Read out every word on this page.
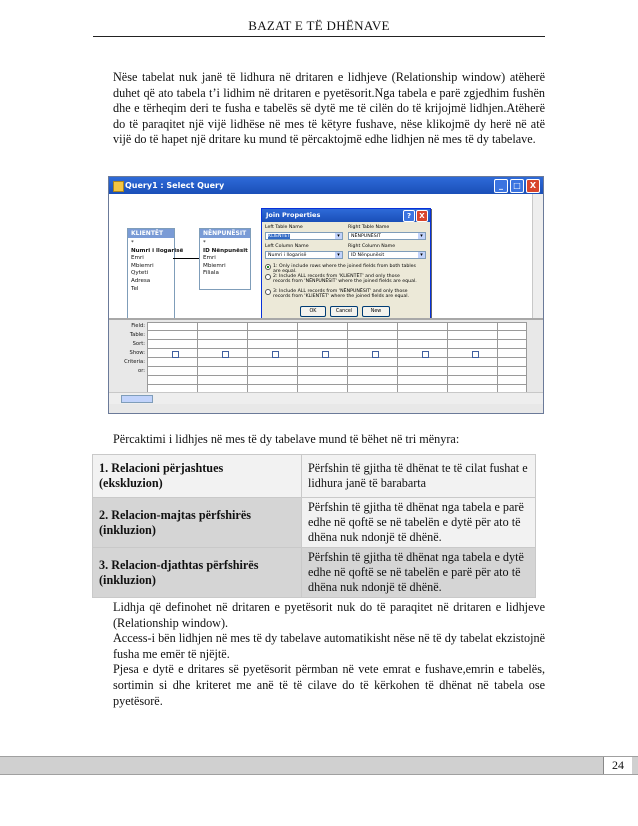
BAZAT E TË DHËNAVE

Nëse tabelat nuk janë të lidhura në dritaren e lidhjeve (Relationship window) atëherë duhet që ato tabela t’i lidhim në dritaren e pyetësorit.Nga tabela e parë zgjedhim fushën dhe e tërheqim deri te fusha e tabelës së dytë me të cilën do të krijojmë lidhjen.Atëherë do të paraqitet një vijë lidhëse në mes të këtyre fushave, nëse klikojmë dy herë në atë vijë do të hapet një dritare ku mund të përcaktojmë edhe lidhjen në mes të dy tabelave.

Query1 : Select Query	_	□	X
KLIENTËT
*
Numri i llogarisë
Emri
Mbiemri
Qyteti
Adresa
Tel
NËNPUNËSIT
*
ID Nënpunësit
Emri
Mbiemri
Filiala
Join Properties	?	X
Left Table Name	Right Table Name
KLIENTËT	▾	NËNPUNËSIT	▾
Left Column Name	Right Column Name
Numri i llogarisë	▾	ID Nënpunësit	▾
1: Only include rows where the joined fields from both tables are equal.
2: Include ALL records from 'KLIENTËT' and only those records from 'NËNPUNËSIT' where the joined fields are equal.
3: Include ALL records from 'NËNPUNËSIT' and only those records from 'KLIENTËT' where the joined fields are equal.
OK	Cancel	New
Field:
Table:
Sort:
Show:
Criteria:
or:
Përcaktimi i lidhjes në mes të dy tabelave mund të bëhet në tri mënyra:
1. Relacioni përjashtues
(ekskluzion)	Përfshin të gjitha të dhënat te të cilat fushat e lidhura janë të barabarta
2. Relacion-majtas përfshirës (inkluzion)	Përfshin të gjitha të dhënat nga tabela e parë edhe në qoftë se në tabelën e dytë për ato të dhëna nuk ndonjë të dhënë.
3. Relacion-djathtas përfshirës (inkluzion)	Përfshin të gjitha të dhënat nga tabela e dytë edhe në qoftë se në tabelën e parë për ato të dhëna nuk ndonjë të dhënë.

Lidhja që definohet në dritaren e pyetësorit nuk do të paraqitet në dritaren e lidhjeve (Relationship window).

Access-i bën lidhjen në mes të dy tabelave automatikisht nëse në të dy tabelat ekzistojnë fusha me emër të njëjtë.

Pjesa e dytë e dritares së pyetësorit përmban në vete emrat e fushave,emrin e tabelës, sortimin si dhe kriteret me anë të të cilave do të kërkohen të dhënat në tabela ose pyetësorë.

24
